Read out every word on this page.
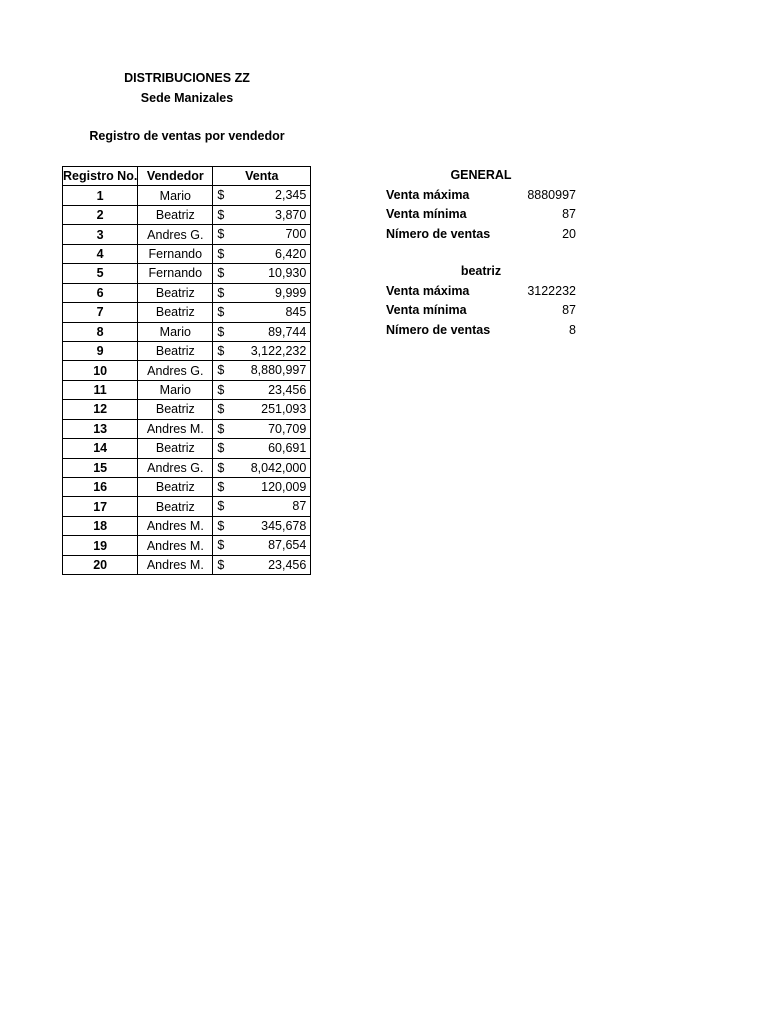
DISTRIBUCIONES ZZ
Sede Manizales
Registro de ventas por vendedor
Registro No.	Vendedor	Venta
1	Mario	$ 2,345

2	Beatriz	$ 3,870

3	Andres G.	$ 700

4	Fernando	$ 6,420

5	Fernando	$ 10,930

6	Beatriz	$ 9,999

7	Beatriz	$ 845

8	Mario	$ 89,744

9	Beatriz	$ 3,122,232

10	Andres G.	$ 8,880,997

11	Mario	$ 23,456

12	Beatriz	$ 251,093

13	Andres M.	$ 70,709

14	Beatriz	$ 60,691

15	Andres G.	$ 8,042,000

16	Beatriz	$ 120,009

17	Beatriz	$ 87

18	Andres M.	$ 345,678

19	Andres M.	$ 87,654

20	Andres M.	$ 23,456
GENERAL
Venta máxima	8880997
Venta mínima	87
Nímero de ventas	20
beatriz
Venta máxima	3122232
Venta mínima	87
Nímero de ventas	8
